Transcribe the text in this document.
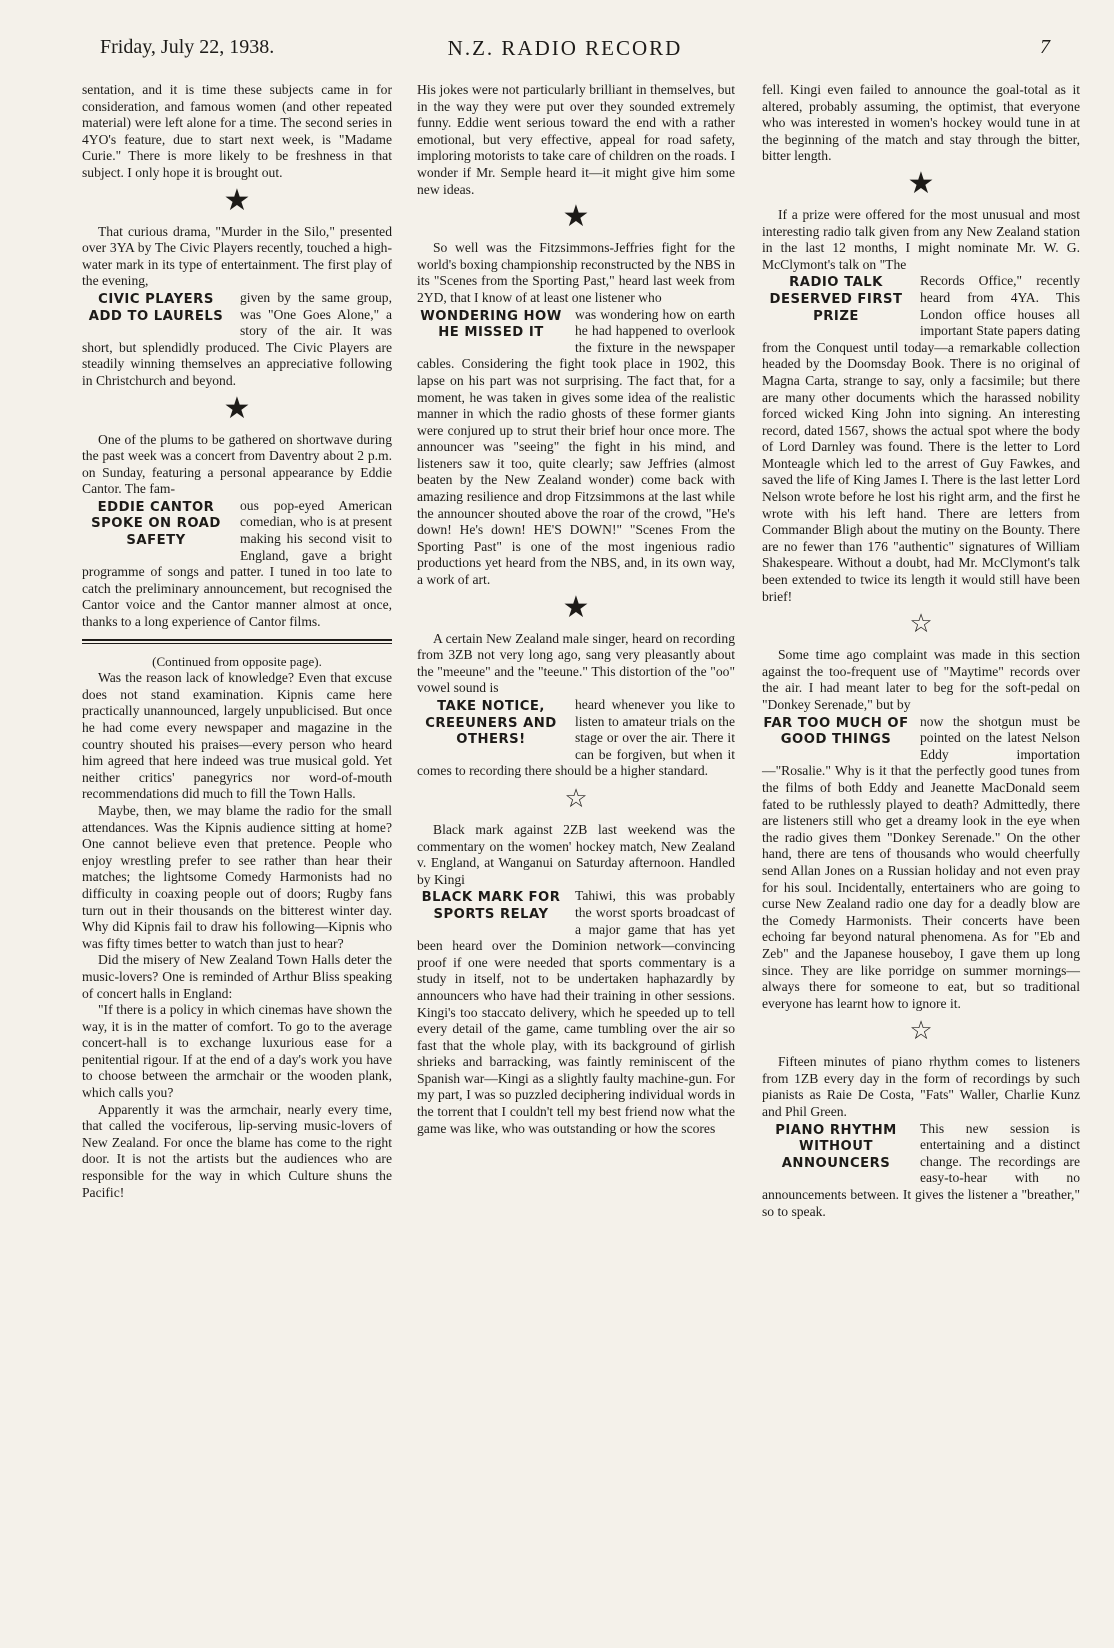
Friday, July 22, 1938.	N.Z. RADIO RECORD	7

sentation, and it is time these subjects came in for consideration, and famous women (and other repeated material) were left alone for a time. The second series in 4YO's feature, due to start next week, is "Madame Curie." There is more likely to be freshness in that subject. I only hope it is brought out.

★

That curious drama, "Murder in the Silo," presented over 3YA by The Civic Players recently, touched a high-water mark in its type of entertainment. The first play of the evening,

CIVIC PLAYERS ADD TO LAURELS

given by the same group, was "One Goes Alone," a story of the air. It was short, but splendidly produced. The Civic Players are steadily winning themselves an appreciative following in Christchurch and beyond.

★

One of the plums to be gathered on shortwave during the past week was a concert from Daventry about 2 p.m. on Sunday, featuring a personal appearance by Eddie Cantor. The fam-

EDDIE CANTOR SPOKE ON ROAD SAFETY

ous pop-eyed American comedian, who is at present making his second visit to England, gave a bright programme of songs and patter. I tuned in too late to catch the preliminary announcement, but recognised the Cantor voice and the Cantor manner almost at once, thanks to a long experience of Cantor films.

(Continued from opposite page).

Was the reason lack of knowledge? Even that excuse does not stand examination. Kipnis came here practically unannounced, largely unpublicised. But once he had come every newspaper and magazine in the country shouted his praises—every person who heard him agreed that here indeed was true musical gold. Yet neither critics' panegyrics nor word-of-mouth recommendations did much to fill the Town Halls.

Maybe, then, we may blame the radio for the small attendances. Was the Kipnis audience sitting at home? One cannot believe even that pretence. People who enjoy wrestling prefer to see rather than hear their matches; the lightsome Comedy Harmonists had no difficulty in coaxing people out of doors; Rugby fans turn out in their thousands on the bitterest winter day. Why did Kipnis fail to draw his following—Kipnis who was fifty times better to watch than just to hear?

Did the misery of New Zealand Town Halls deter the music-lovers? One is reminded of Arthur Bliss speaking of concert halls in England:

"If there is a policy in which cinemas have shown the way, it is in the matter of comfort. To go to the average concert-hall is to exchange luxurious ease for a penitential rigour. If at the end of a day's work you have to choose between the armchair or the wooden plank, which calls you?

Apparently it was the armchair, nearly every time, that called the vociferous, lip-serving music-lovers of New Zealand. For once the blame has come to the right door. It is not the artists but the audiences who are responsible for the way in which Culture shuns the Pacific!

His jokes were not particularly brilliant in themselves, but in the way they were put over they sounded extremely funny. Eddie went serious toward the end with a rather emotional, but very effective, appeal for road safety, imploring motorists to take care of children on the roads. I wonder if Mr. Semple heard it—it might give him some new ideas.

★

So well was the Fitzsimmons-Jeffries fight for the world's boxing championship reconstructed by the NBS in its "Scenes from the Sporting Past," heard last week from 2YD, that I know of at least one listener who

WONDERING HOW HE MISSED IT

was wondering how on earth he had happened to overlook the fixture in the newspaper cables. Considering the fight took place in 1902, this lapse on his part was not surprising. The fact that, for a moment, he was taken in gives some idea of the realistic manner in which the radio ghosts of these former giants were conjured up to strut their brief hour once more. The announcer was "seeing" the fight in his mind, and listeners saw it too, quite clearly; saw Jeffries (almost beaten by the New Zealand wonder) come back with amazing resilience and drop Fitzsimmons at the last while the announcer shouted above the roar of the crowd, "He's down! He's down! HE'S DOWN!" "Scenes From the Sporting Past" is one of the most ingenious radio productions yet heard from the NBS, and, in its own way, a work of art.

★

A certain New Zealand male singer, heard on recording from 3ZB not very long ago, sang very pleasantly about the "meeune" and the "teeune." This distortion of the "oo" vowel sound is

TAKE NOTICE, CREEUNERS AND OTHERS!

heard whenever you like to listen to amateur trials on the stage or over the air. There it can be forgiven, but when it comes to recording there should be a higher standard.

☆

Black mark against 2ZB last weekend was the commentary on the women' hockey match, New Zealand v. England, at Wanganui on Saturday afternoon. Handled by Kingi

BLACK MARK FOR SPORTS RELAY

Tahiwi, this was probably the worst sports broadcast of a major game that has yet been heard over the Dominion network—convincing proof if one were needed that sports commentary is a study in itself, not to be undertaken haphazardly by announcers who have had their training in other sessions. Kingi's too staccato delivery, which he speeded up to tell every detail of the game, came tumbling over the air so fast that the whole play, with its background of girlish shrieks and barracking, was faintly reminiscent of the Spanish war—Kingi as a slightly faulty machine-gun. For my part, I was so puzzled deciphering individual words in the torrent that I couldn't tell my best friend now what the game was like, who was outstanding or how the scores

fell. Kingi even failed to announce the goal-total as it altered, probably assuming, the optimist, that everyone who was interested in women's hockey would tune in at the beginning of the match and stay through the bitter, bitter length.

★

If a prize were offered for the most unusual and most interesting radio talk given from any New Zealand station in the last 12 months, I might nominate Mr. W. G. McClymont's talk on "The

RADIO TALK DESERVED FIRST PRIZE

Records Office," recently heard from 4YA. This London office houses all important State papers dating from the Conquest until today—a remarkable collection headed by the Doomsday Book. There is no original of Magna Carta, strange to say, only a facsimile; but there are many other documents which the harassed nobility forced wicked King John into signing. An interesting record, dated 1567, shows the actual spot where the body of Lord Darnley was found. There is the letter to Lord Monteagle which led to the arrest of Guy Fawkes, and saved the life of King James I. There is the last letter Lord Nelson wrote before he lost his right arm, and the first he wrote with his left hand. There are letters from Commander Bligh about the mutiny on the Bounty. There are no fewer than 176 "authentic" signatures of William Shakespeare. Without a doubt, had Mr. McClymont's talk been extended to twice its length it would still have been brief!

☆

Some time ago complaint was made in this section against the too-frequent use of "Maytime" records over the air. I had meant later to beg for the soft-pedal on "Donkey Serenade," but by

FAR TOO MUCH OF GOOD THINGS

now the shotgun must be pointed on the latest Nelson Eddy importation—"Rosalie." Why is it that the perfectly good tunes from the films of both Eddy and Jeanette MacDonald seem fated to be ruthlessly played to death? Admittedly, there are listeners still who get a dreamy look in the eye when the radio gives them "Donkey Serenade." On the other hand, there are tens of thousands who would cheerfully send Allan Jones on a Russian holiday and not even pray for his soul. Incidentally, entertainers who are going to curse New Zealand radio one day for a deadly blow are the Comedy Harmonists. Their concerts have been echoing far beyond natural phenomena. As for "Eb and Zeb" and the Japanese houseboy, I gave them up long since. They are like porridge on summer mornings—always there for someone to eat, but so traditional everyone has learnt how to ignore it.

☆

Fifteen minutes of piano rhythm comes to listeners from 1ZB every day in the form of recordings by such pianists as Raie De Costa, "Fats" Waller, Charlie Kunz and Phil Green.

PIANO RHYTHM WITHOUT ANNOUNCERS

This new session is entertaining and a distinct change. The recordings are easy-to-hear with no announcements between. It gives the listener a "breather," so to speak.
